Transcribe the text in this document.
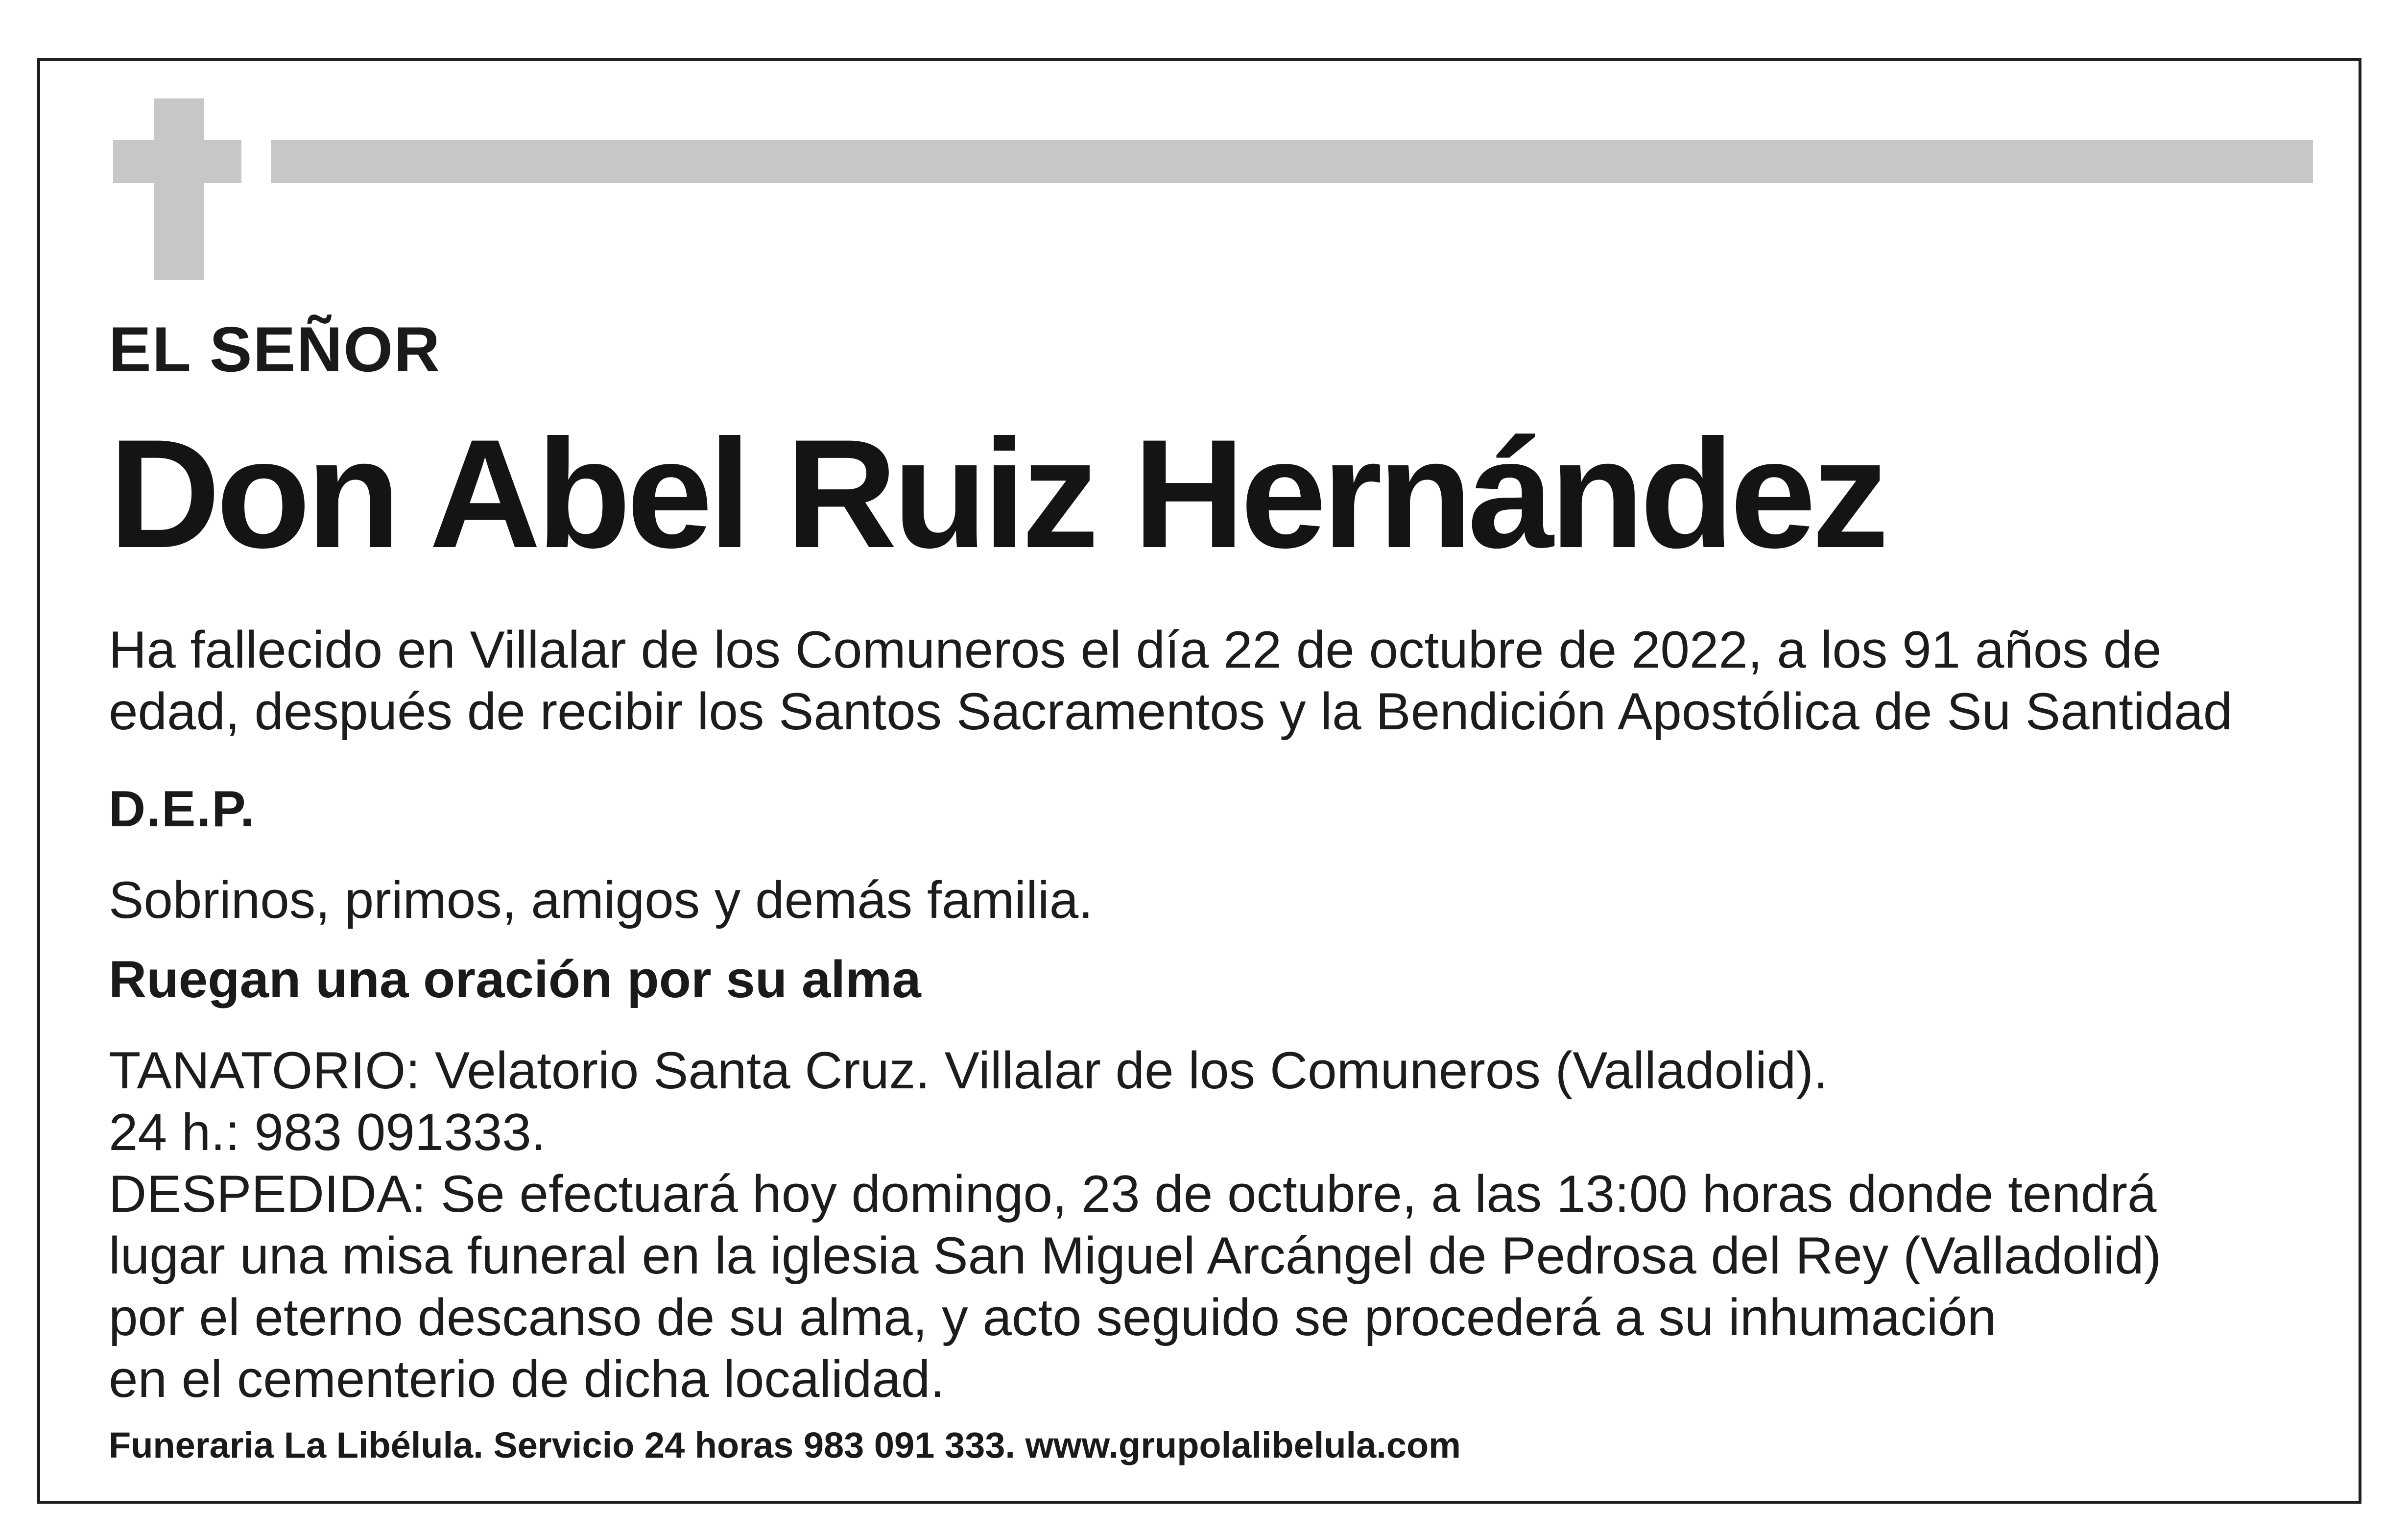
EL SEÑOR

Don Abel Ruiz Hernández

Ha fallecido en Villalar de los Comuneros el día 22 de octubre de 2022, a los 91 años de
edad, después de recibir los Santos Sacramentos y la Bendición Apostólica de Su Santidad

D.E.P.

Sobrinos, primos, amigos y demás familia.

Ruegan una oración por su alma

TANATORIO: Velatorio Santa Cruz. Villalar de los Comuneros (Valladolid).
24 h.: 983 091333.
DESPEDIDA: Se efectuará hoy domingo, 23 de octubre, a las 13:00 horas donde tendrá
lugar una misa funeral en la iglesia San Miguel Arcángel de Pedrosa del Rey (Valladolid)
por el eterno descanso de su alma, y acto seguido se procederá a su inhumación
en el cementerio de dicha localidad.

Funeraria La Libélula. Servicio 24 horas 983 091 333. www.grupolalibelula.com
